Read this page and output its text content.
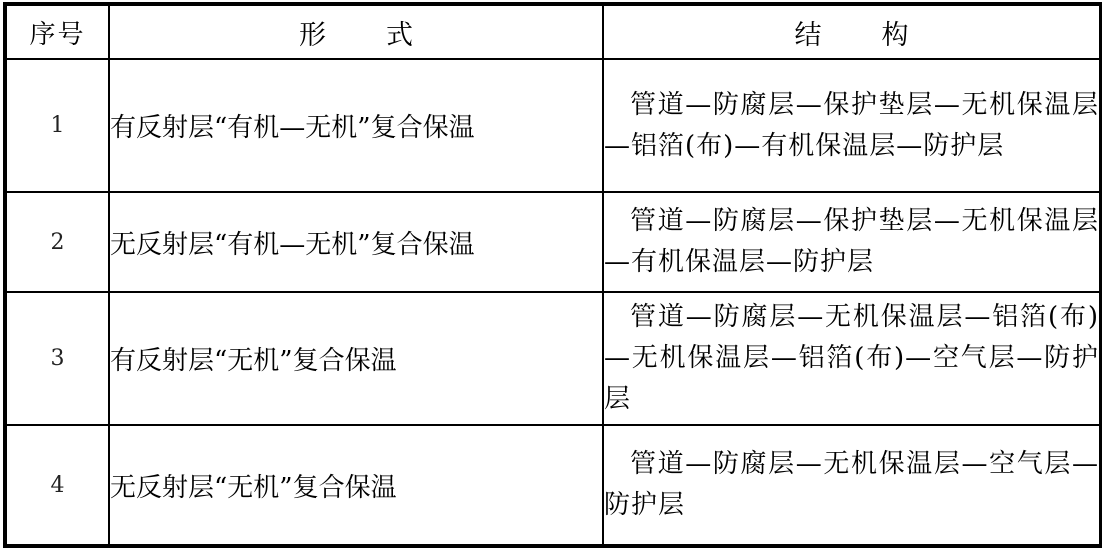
序号	形式	结构
1	有反射层“有机—无机”复合保温	管道—防腐层—保护垫层—无机保温层—铝箔(布)—有机保温层—防护层
2	无反射层“有机—无机”复合保温	管道—防腐层—保护垫层—无机保温层—有机保温层—防护层
3	有反射层“无机”复合保温	管道—防腐层—无机保温层—铝箔(布)—无机保温层—铝箔(布)—空气层—防护层
4	无反射层“无机”复合保温	管道—防腐层—无机保温层—空气层—防护层
